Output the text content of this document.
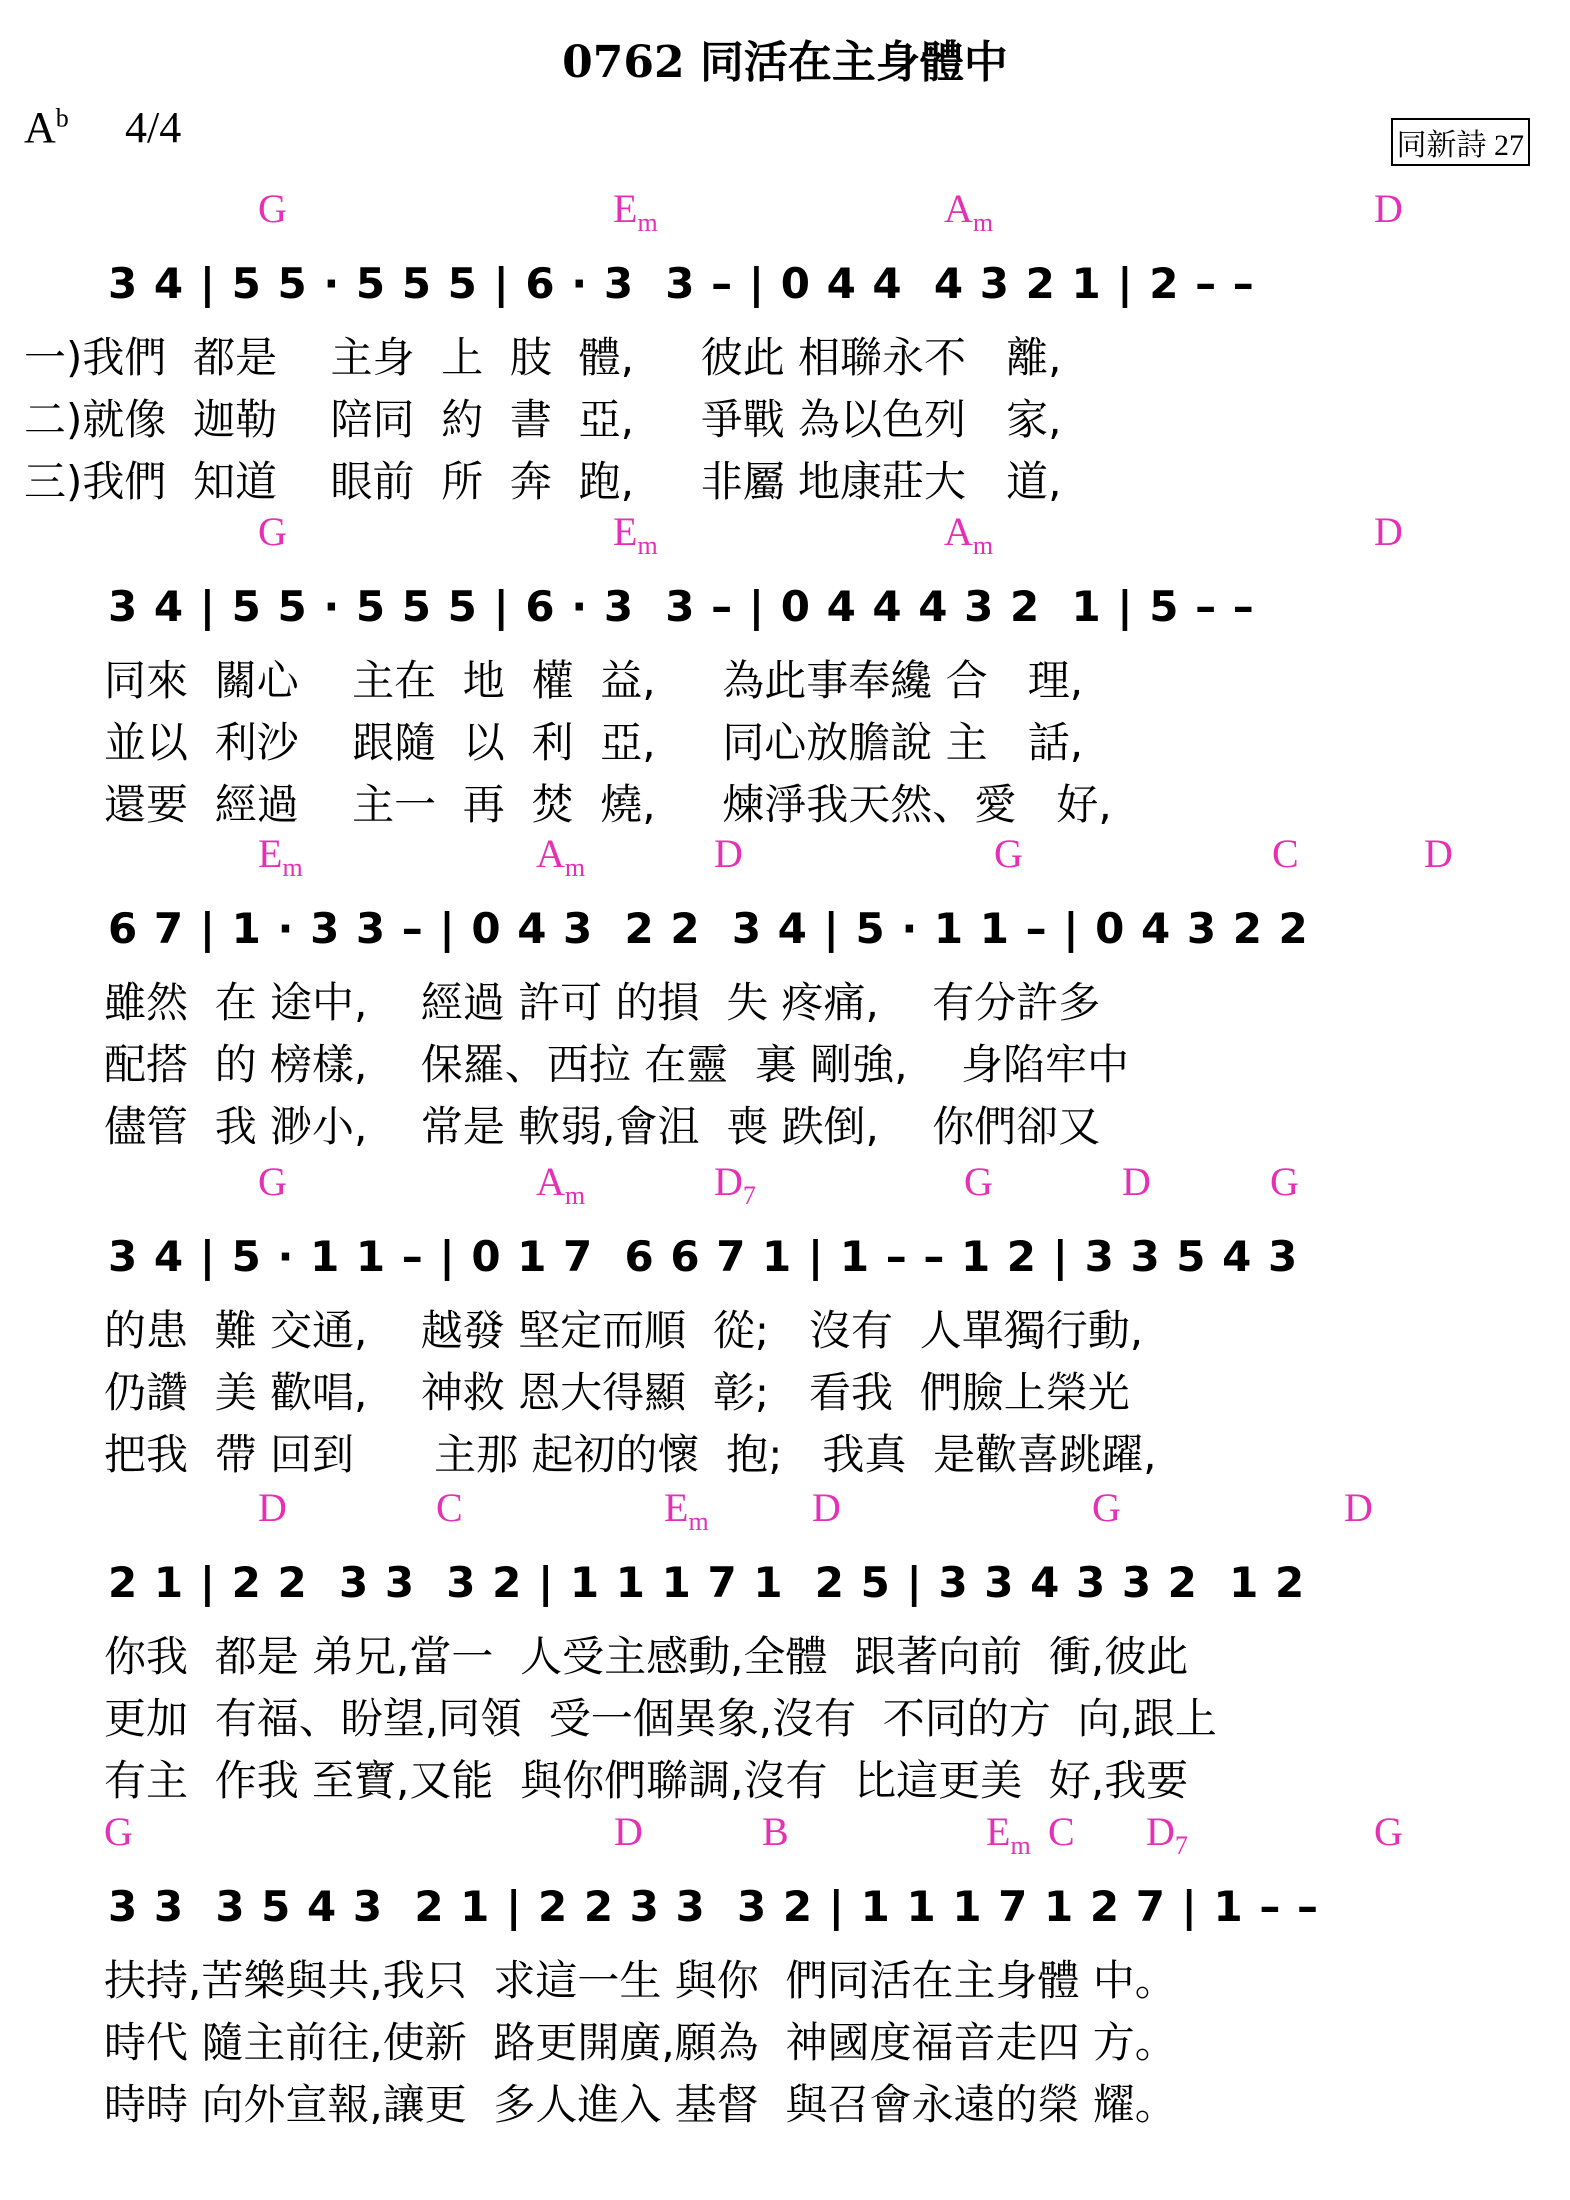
0762 同活在主身體中
$A^b$ 4/4	同新詩 27
G	$E_m$	$A_m$	D
3 4 | 5 5 · 5 5 5 | 6 · 3  3 – | 0 4 4  4 3 2 1 | 2 – –
一)我們  都是    主身  上  肢  體,     彼此 相聯永不   離,
二)就像  迦勒    陪同  約  書  亞,     爭戰 為以色列   家,
三)我們  知道    眼前  所  奔  跑,     非屬 地康莊大   道,
G	$E_m$	$A_m$	D
3 4 | 5 5 · 5 5 5 | 6 · 3  3 – | 0 4 4 4 3 2  1 | 5 – –
同來  關心    主在  地  權  益,     為此事奉纔 合   理,
並以  利沙    跟隨  以  利  亞,     同心放膽說 主   話,
還要  經過    主一  再  焚  燒,     煉淨我天然、愛   好,
$E_m$	$A_m$	D	G	C	D
6 7 | 1 · 3 3 – | 0 4 3  2 2  3 4 | 5 · 1 1 – | 0 4 3 2 2
雖然  在 途中,    經過 許可 的損  失 疼痛,    有分許多
配搭  的 榜樣,    保羅、西拉 在靈  裏 剛強,    身陷牢中
儘管  我 渺小,    常是 軟弱,會沮  喪 跌倒,    你們卻又
G	$A_m$	$D_7$	G	D	G
3 4 | 5 · 1 1 – | 0 1 7  6 6 7 1 | 1 – – 1 2 | 3 3 5 4 3
的患  難 交通,    越發 堅定而順  從;   沒有  人單獨行動,
仍讚  美 歡唱,    神救 恩大得顯  彰;   看我  們臉上榮光
把我  帶 回到      主那 起初的懷  抱;   我真  是歡喜跳躍,
D	C	$E_m$	D	G	D
2 1 | 2 2  3 3  3 2 | 1 1 1 7 1  2 5 | 3 3 4 3 3 2  1 2
你我  都是 弟兄,當一  人受主感動,全體  跟著向前  衝,彼此
更加  有福、盼望,同領  受一個異象,沒有  不同的方  向,跟上
有主  作我 至寶,又能  與你們聯調,沒有  比這更美  好,我要
G	D	B	$E_m$ C $D_7$	G
3 3  3 5 4 3  2 1 | 2 2 3 3  3 2 | 1 1 1 7 1 2 7 | 1 – –
扶持,苦樂與共,我只  求這一生 與你  們同活在主身體 中。
時代 隨主前往,使新  路更開廣,願為  神國度福音走四 方。
時時 向外宣報,讓更  多人進入 基督  與召會永遠的榮 耀。
